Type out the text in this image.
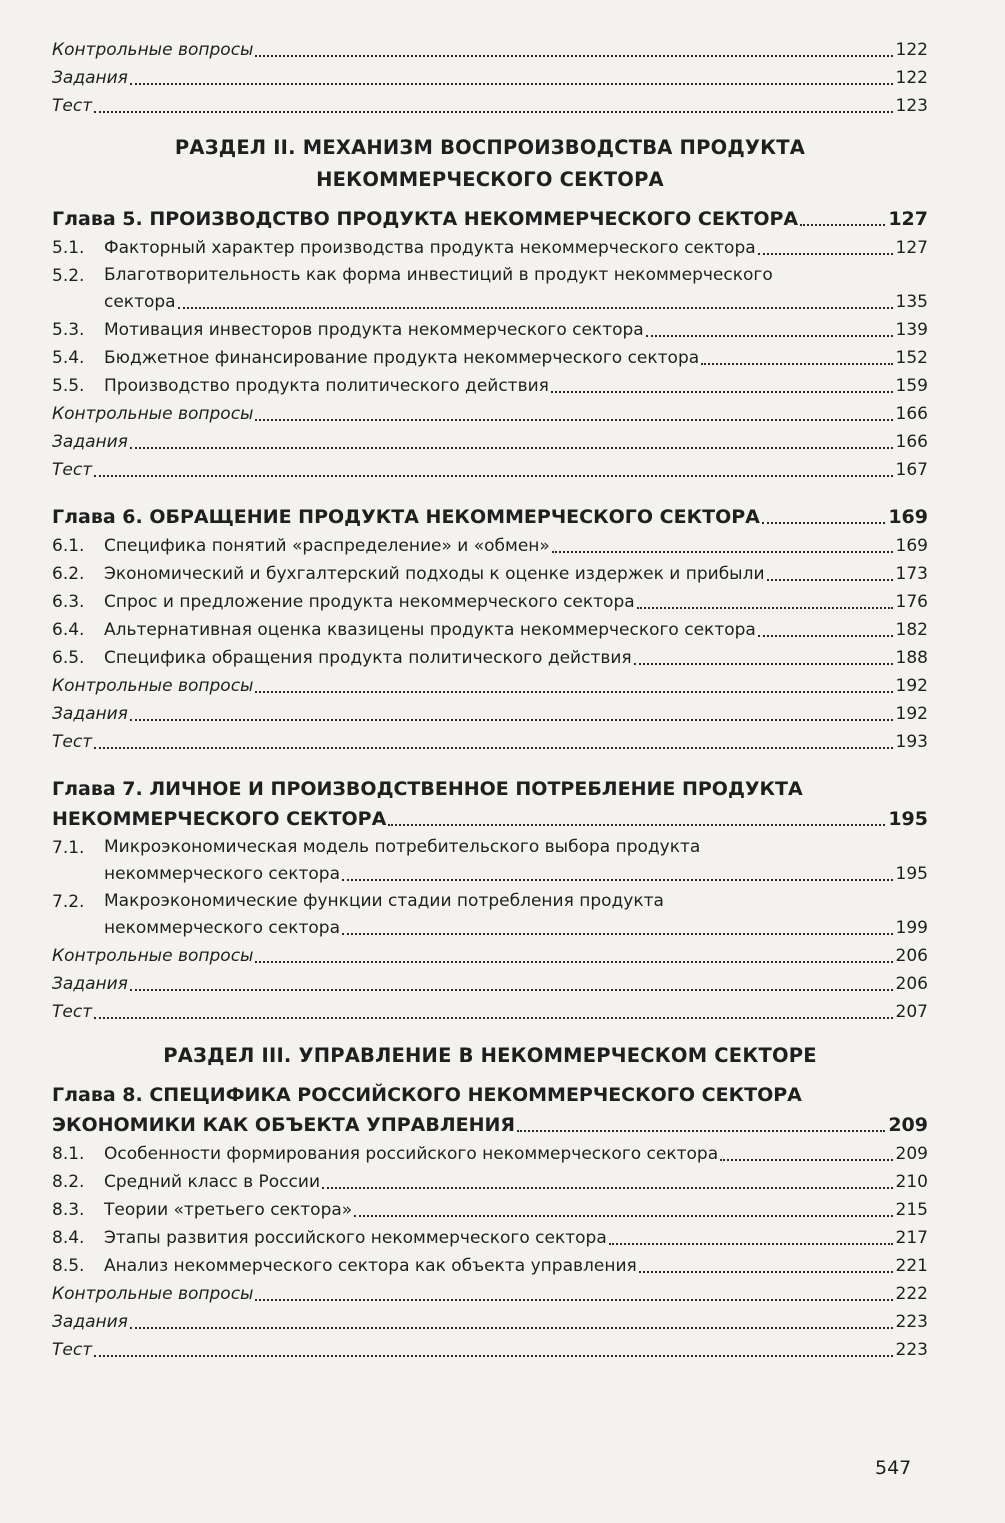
Контрольные вопросы	122
Задания	122
Тест	123
РАЗДЕЛ II. МЕХАНИЗМ ВОСПРОИЗВОДСТВА ПРОДУКТА
НЕКОММЕРЧЕСКОГО СЕКТОРА
Глава 5. ПРОИЗВОДСТВО ПРОДУКТА НЕКОММЕРЧЕСКОГО СЕКТОРА	127
5.1.	Факторный характер производства продукта некоммерческого сектора	127
5.2.	Благотворительность как форма инвестиций в продукт некоммерческого
сектора	135
5.3.	Мотивация инвесторов продукта некоммерческого сектора	139
5.4.	Бюджетное финансирование продукта некоммерческого сектора	152
5.5.	Производство продукта политического действия	159
Контрольные вопросы	166
Задания	166
Тест	167
Глава 6. ОБРАЩЕНИЕ ПРОДУКТА НЕКОММЕРЧЕСКОГО СЕКТОРА	169
6.1.	Специфика понятий «распределение» и «обмен»	169
6.2.	Экономический и бухгалтерский подходы к оценке издержек и прибыли	173
6.3.	Спрос и предложение продукта некоммерческого сектора	176
6.4.	Альтернативная оценка квазицены продукта некоммерческого сектора	182
6.5.	Специфика обращения продукта политического действия	188
Контрольные вопросы	192
Задания	192
Тест	193
Глава 7. ЛИЧНОЕ И ПРОИЗВОДСТВЕННОЕ ПОТРЕБЛЕНИЕ ПРОДУКТА
НЕКОММЕРЧЕСКОГО СЕКТОРА	195
7.1.	Микроэкономическая модель потребительского выбора продукта
некоммерческого сектора	195
7.2.	Макроэкономические функции стадии потребления продукта
некоммерческого сектора	199
Контрольные вопросы	206
Задания	206
Тест	207
РАЗДЕЛ III. УПРАВЛЕНИЕ В НЕКОММЕРЧЕСКОМ СЕКТОРЕ
Глава 8. СПЕЦИФИКА РОССИЙСКОГО НЕКОММЕРЧЕСКОГО СЕКТОРА
ЭКОНОМИКИ КАК ОБЪЕКТА УПРАВЛЕНИЯ	209
8.1.	Особенности формирования российского некоммерческого сектора	209
8.2.	Средний класс в России	210
8.3.	Теории «третьего сектора»	215
8.4.	Этапы развития российского некоммерческого сектора	217
8.5.	Анализ некоммерческого сектора как объекта управления	221
Контрольные вопросы	222
Задания	223
Тест	223
547
